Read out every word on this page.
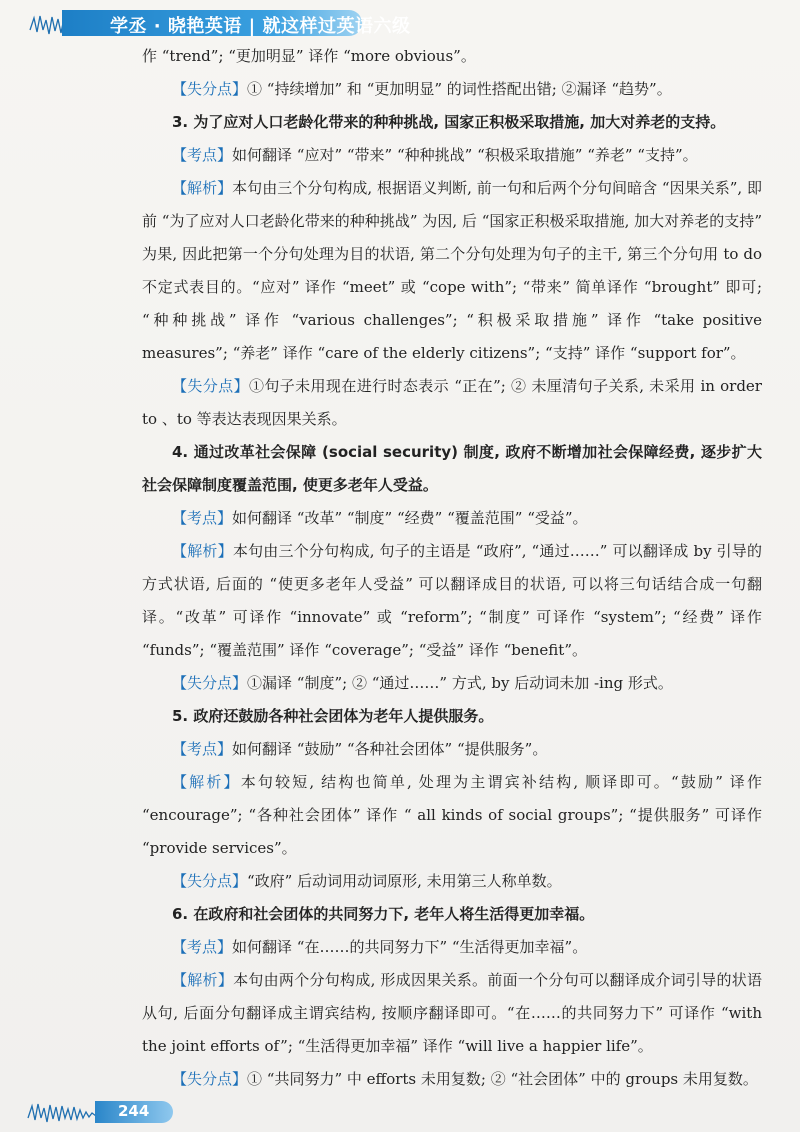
学丞 · 晓艳英语 | 就这样过英语六级

作 “trend”; “更加明显” 译作 “more obvious”。

【失分点】① “持续增加” 和 “更加明显” 的词性搭配出错; ②漏译 “趋势”。

3. 为了应对人口老龄化带来的种种挑战, 国家正积极采取措施, 加大对养老的支持。

【考点】如何翻译 “应对” “带来” “种种挑战” “积极采取措施” “养老” “支持”。

【解析】本句由三个分句构成, 根据语义判断, 前一句和后两个分句间暗含 “因果关系”, 即前 “为了应对人口老龄化带来的种种挑战” 为因, 后 “国家正积极采取措施, 加大对养老的支持” 为果, 因此把第一个分句处理为目的状语, 第二个分句处理为句子的主干, 第三个分句用 to do 不定式表目的。“应对” 译作 “meet” 或 “cope with”; “带来” 简单译作 “brought” 即可; “种种挑战” 译作 “various challenges”; “积极采取措施” 译作 “take positive measures”; “养老” 译作 “care of the elderly citizens”; “支持” 译作 “support for”。

【失分点】①句子未用现在进行时态表示 “正在”; ② 未厘清句子关系, 未采用 in order to 、to 等表达表现因果关系。

4. 通过改革社会保障 (social security) 制度, 政府不断增加社会保障经费, 逐步扩大社会保障制度覆盖范围, 使更多老年人受益。

【考点】如何翻译 “改革” “制度” “经费” “覆盖范围” “受益”。

【解析】本句由三个分句构成, 句子的主语是 “政府”, “通过……” 可以翻译成 by 引导的方式状语, 后面的 “使更多老年人受益” 可以翻译成目的状语, 可以将三句话结合成一句翻译。“改革” 可译作 “innovate” 或 “reform”; “制度” 可译作 “system”; “经费” 译作 “funds”; “覆盖范围” 译作 “coverage”; “受益” 译作 “benefit”。

【失分点】①漏译 “制度”; ② “通过……” 方式, by 后动词未加 -ing 形式。

5. 政府还鼓励各种社会团体为老年人提供服务。

【考点】如何翻译 “鼓励” “各种社会团体” “提供服务”。

【解析】本句较短, 结构也简单, 处理为主谓宾补结构, 顺译即可。“鼓励” 译作 “encourage”; “各种社会团体” 译作 “ all kinds of social groups”; “提供服务” 可译作 “provide services”。

【失分点】“政府” 后动词用动词原形, 未用第三人称单数。

6. 在政府和社会团体的共同努力下, 老年人将生活得更加幸福。

【考点】如何翻译 “在……的共同努力下” “生活得更加幸福”。

【解析】本句由两个分句构成, 形成因果关系。前面一个分句可以翻译成介词引导的状语从句, 后面分句翻译成主谓宾结构, 按顺序翻译即可。“在……的共同努力下” 可译作 “with the joint efforts of”; “生活得更加幸福” 译作 “will live a happier life”。

【失分点】① “共同努力” 中 efforts 未用复数; ② “社会团体” 中的 groups 未用复数。

244
